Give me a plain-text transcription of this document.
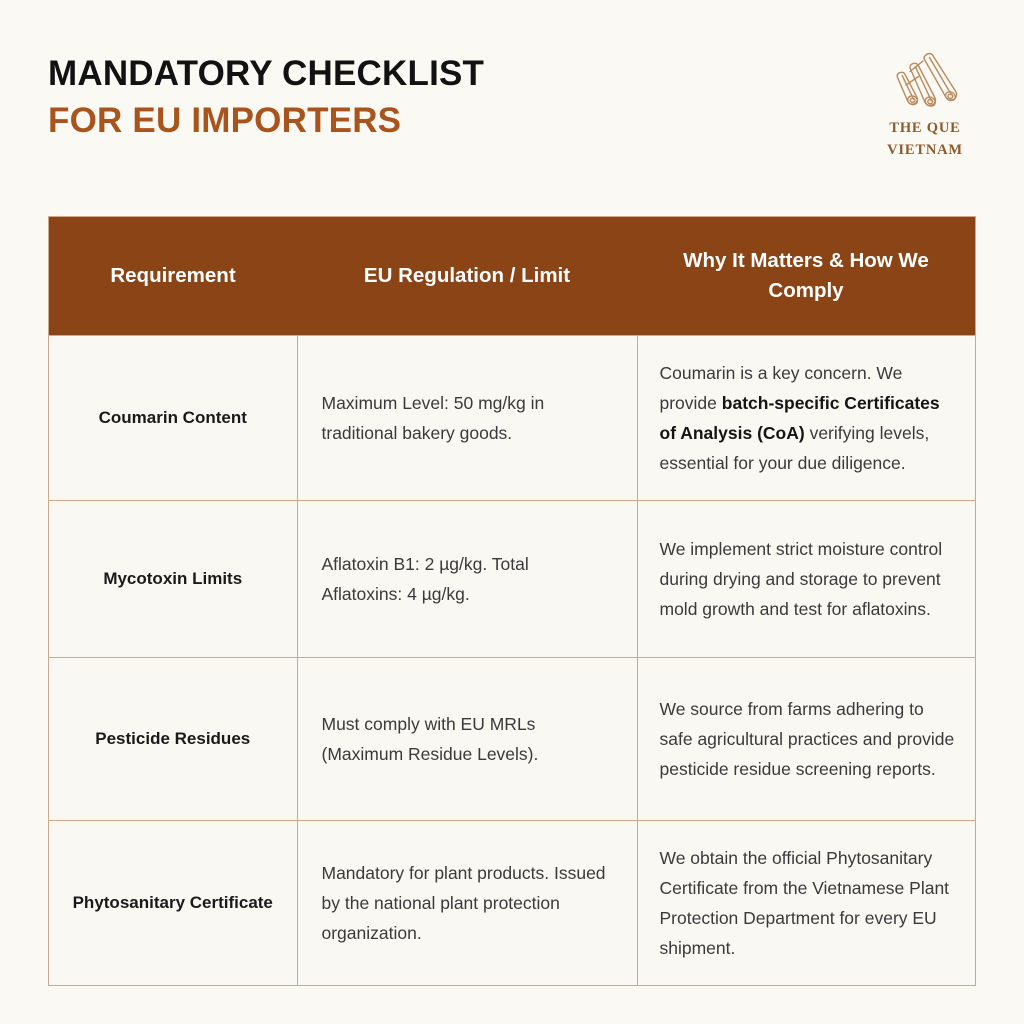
MANDATORY CHECKLIST
FOR EU IMPORTERS	THE QUE
VIETNAM
Requirement	EU Regulation / Limit	Why It Matters & How We Comply
Coumarin Content	Maximum Level: 50 mg/kg in traditional bakery goods.	Coumarin is a key concern. We provide batch-specific Certificates of Analysis (CoA) verifying levels, essential for your due diligence.
Mycotoxin Limits	Aflatoxin B1: 2 µg/kg. Total Aflatoxins: 4 µg/kg.	We implement strict moisture control during drying and storage to prevent mold growth and test for aflatoxins.
Pesticide Residues	Must comply with EU MRLs (Maximum Residue Levels).	We source from farms adhering to safe agricultural practices and provide pesticide residue screening reports.
Phytosanitary Certificate	Mandatory for plant products. Issued by the national plant protection organization.	We obtain the official Phytosanitary Certificate from the Vietnamese Plant Protection Department for every EU shipment.
